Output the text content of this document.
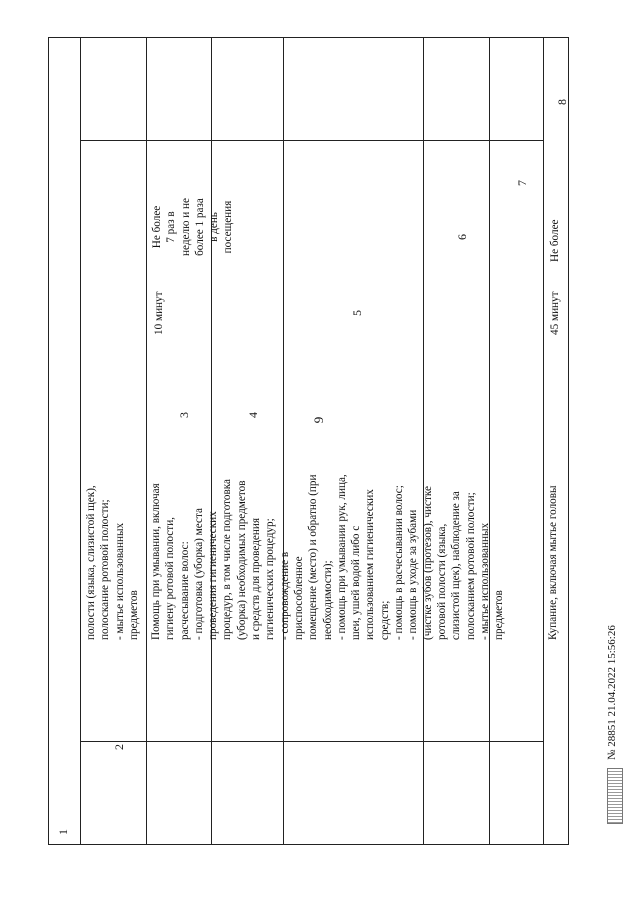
9
1
2
3	4
5
6
7
8
полости (языка, слизистой щек),
полоскание ротовой полости;
- мытье использованных
предметов Помощь при умывании, включая
гигиену ротовой полости,
расчесывание волос:
- подготовка (уборка) места
проведения гигиенических
процедур, в том числе подготовка
(уборка) необходимых предметов
и средств для проведения
гигиенических процедур;
- сопровождение в
приспособленное
помещение (место) и обратно (при
необходимости);
- помощь при умывании рук, лица,
шеи, ушей водой либо с
использованием гигиенических
средств;
- помощь в расчесывании волос;
- помощь в уходе за зубами
(чистке зубов (протезов), чистке
ротовой полости (языка,
слизистой щек), наблюдение за
полосканием ротовой полости;
- мытье использованных
предметов
10 минут
Не более
7 раз в
неделю и не
более 1 раза
в день
посещения
Купание, включая мытье головы
45 минут
Не более
№ 28851 21.04.2022 15:56:26
